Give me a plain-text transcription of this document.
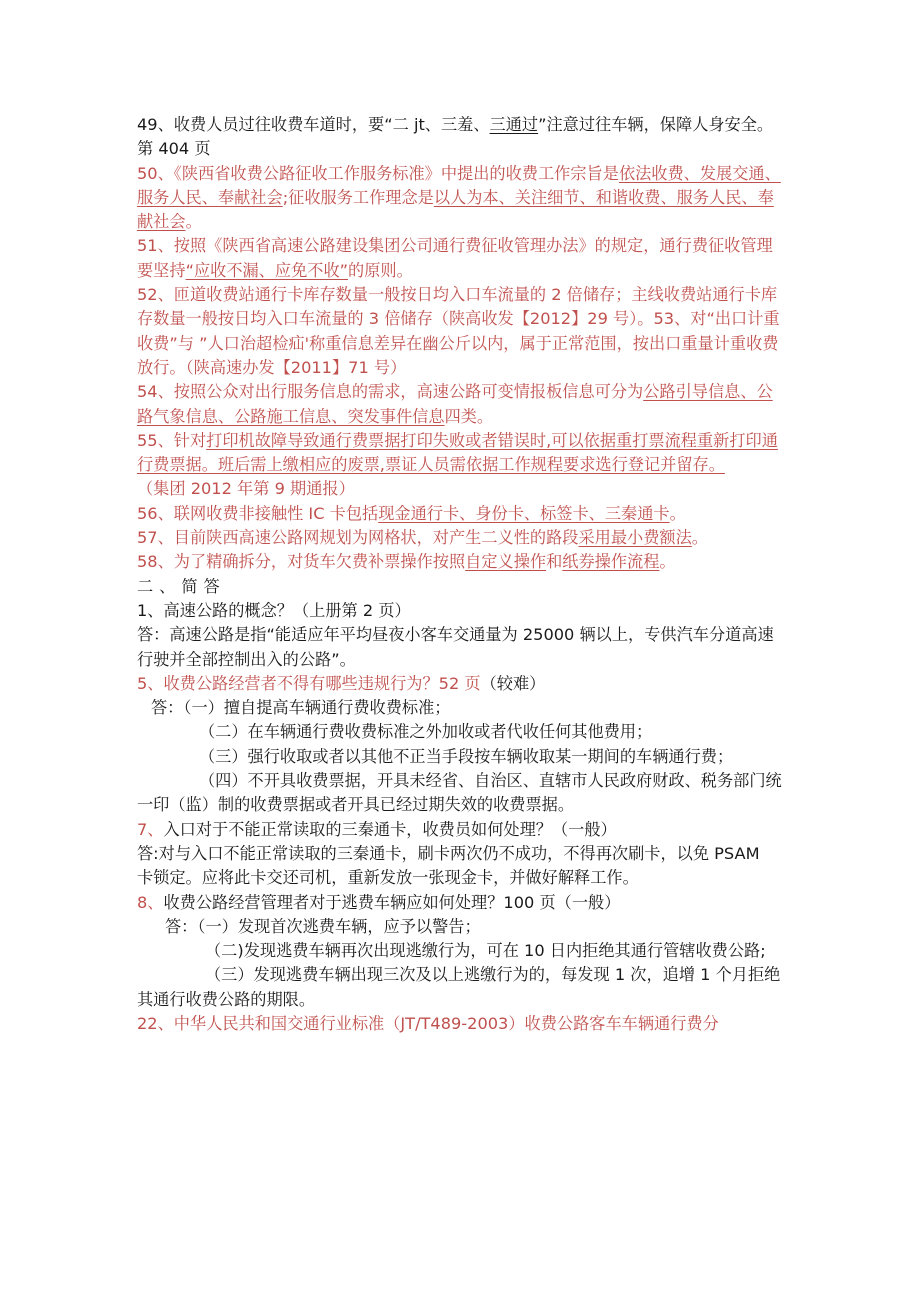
49、收费人员过往收费车道时，要“二 jt、三羞、三通过”注意过往车辆，保障人身安全。第 404 页

50、《陕西省收费公路征收工作服务标准》中提出的收费工作宗旨是依法收费、发展交通、服务人民、奉献社会;征收服务工作理念是以人为本、关注细节、和谐收费、服务人民、奉献社会。

51、按照《陕西省高速公路建设集团公司通行费征收管理办法》的规定，通行费征收管理要坚持“应收不漏、应免不收”的原则。

52、匝道收费站通行卡库存数量一般按日均入口车流量的 2 倍储存；主线收费站通行卡库存数量一般按日均入口车流量的 3 倍储存（陕高收发【2012】29 号）。53、对“出口计重收费”与 ”人口治超检疝'称重信息差异在幽公斤以内，属于正常范围，按出口重量计重收费放行。（陕高速办发【2011】71 号）

54、按照公众对出行服务信息的需求，高速公路可变情报板信息可分为公路引导信息、公路气象信息、公路施工信息、突发事件信息四类。

55、针对打印机故障导致通行费票据打印失败或者错误时,可以依据重打票流程重新打印通行费票据。班后需上缴相应的废票,票证人员需依据工作规程要求选行登记并留存。
（集团 2012 年第 9 期通报）

56、联网收费非接触性 IC 卡包括现金通行卡、身份卡、标签卡、三秦通卡。

57、目前陕西高速公路网规划为网格状，对产生二义性的路段采用最小费额法。

58、为了精确拆分，对货车欠费补票操作按照自定义操作和纸券操作流程。

二、简答

1、高速公路的概念？（上册第 2 页）

答：高速公路是指“能适应年平均昼夜小客车交通量为 25000 辆以上，专供汽车分道高速行驶并全部控制出入的公路”。

5、收费公路经营者不得有哪些违规行为？52 页（较难）

答：（一）擅自提高车辆通行费收费标准；

（二）在车辆通行费收费标准之外加收或者代收任何其他费用；

（三）强行收取或者以其他不正当手段按车辆收取某一期间的车辆通行费；

（四）不开具收费票据，开具未经省、自治区、直辖市人民政府财政、税务部门统一印（监）制的收费票据或者开具已经过期失效的收费票据。

7、入口对于不能正常读取的三秦通卡，收费员如何处理？（一般）

答:对与入口不能正常读取的三秦通卡，刷卡两次仍不成功，不得再次刷卡，以免 PSAM
卡锁定。应将此卡交还司机，重新发放一张现金卡，并做好解释工作。

8、收费公路经营管理者对于逃费车辆应如何处理？100 页（一般）

答：（一）发现首次逃费车辆，应予以警告；

（二)发现逃费车辆再次出现逃缴行为，可在 10 日内拒绝其通行管辖收费公路;

（三）发现逃费车辆出现三次及以上逃缴行为的，每发现 1 次，追增 1 个月拒绝其通行收费公路的期限。

22、中华人民共和国交通行业标准（JT/T489-2003）收费公路客车车辆通行费分
